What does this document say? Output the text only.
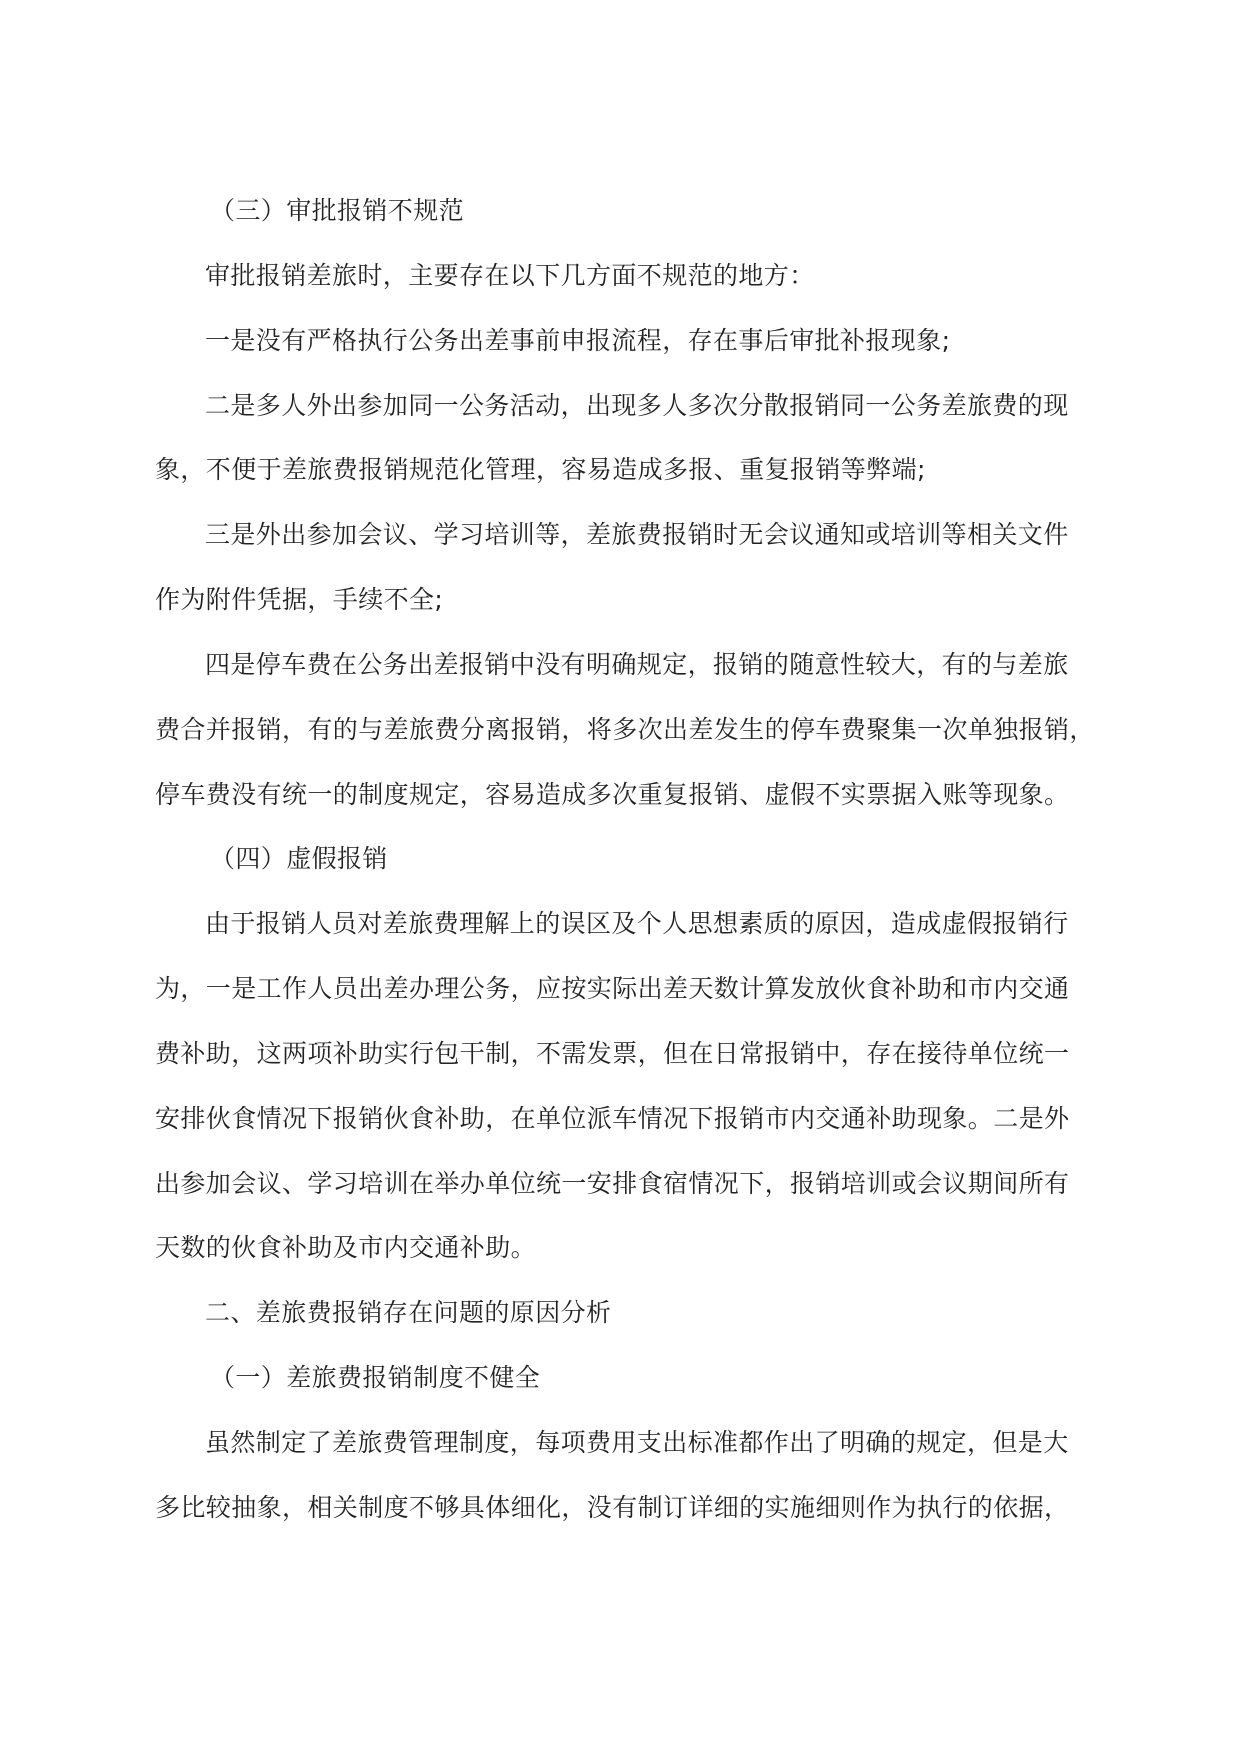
（三）审批报销不规范
审批报销差旅时，主要存在以下几方面不规范的地方：
一是没有严格执行公务出差事前申报流程，存在事后审批补报现象;
二是多人外出参加同一公务活动，出现多人多次分散报销同一公务差旅费的现
象，不便于差旅费报销规范化管理，容易造成多报、重复报销等弊端;
三是外出参加会议、学习培训等，差旅费报销时无会议通知或培训等相关文件
作为附件凭据，手续不全;
四是停车费在公务出差报销中没有明确规定，报销的随意性较大，有的与差旅
费合并报销，有的与差旅费分离报销，将多次出差发生的停车费聚集一次单独报销，
停车费没有统一的制度规定，容易造成多次重复报销、虚假不实票据入账等现象。
（四）虚假报销
由于报销人员对差旅费理解上的误区及个人思想素质的原因，造成虚假报销行
为，一是工作人员出差办理公务，应按实际出差天数计算发放伙食补助和市内交通
费补助，这两项补助实行包干制，不需发票，但在日常报销中，存在接待单位统一
安排伙食情况下报销伙食补助，在单位派车情况下报销市内交通补助现象。二是外
出参加会议、学习培训在举办单位统一安排食宿情况下，报销培训或会议期间所有
天数的伙食补助及市内交通补助。
二、差旅费报销存在问题的原因分析
（一）差旅费报销制度不健全
虽然制定了差旅费管理制度，每项费用支出标准都作出了明确的规定，但是大
多比较抽象，相关制度不够具体细化，没有制订详细的实施细则作为执行的依据，
